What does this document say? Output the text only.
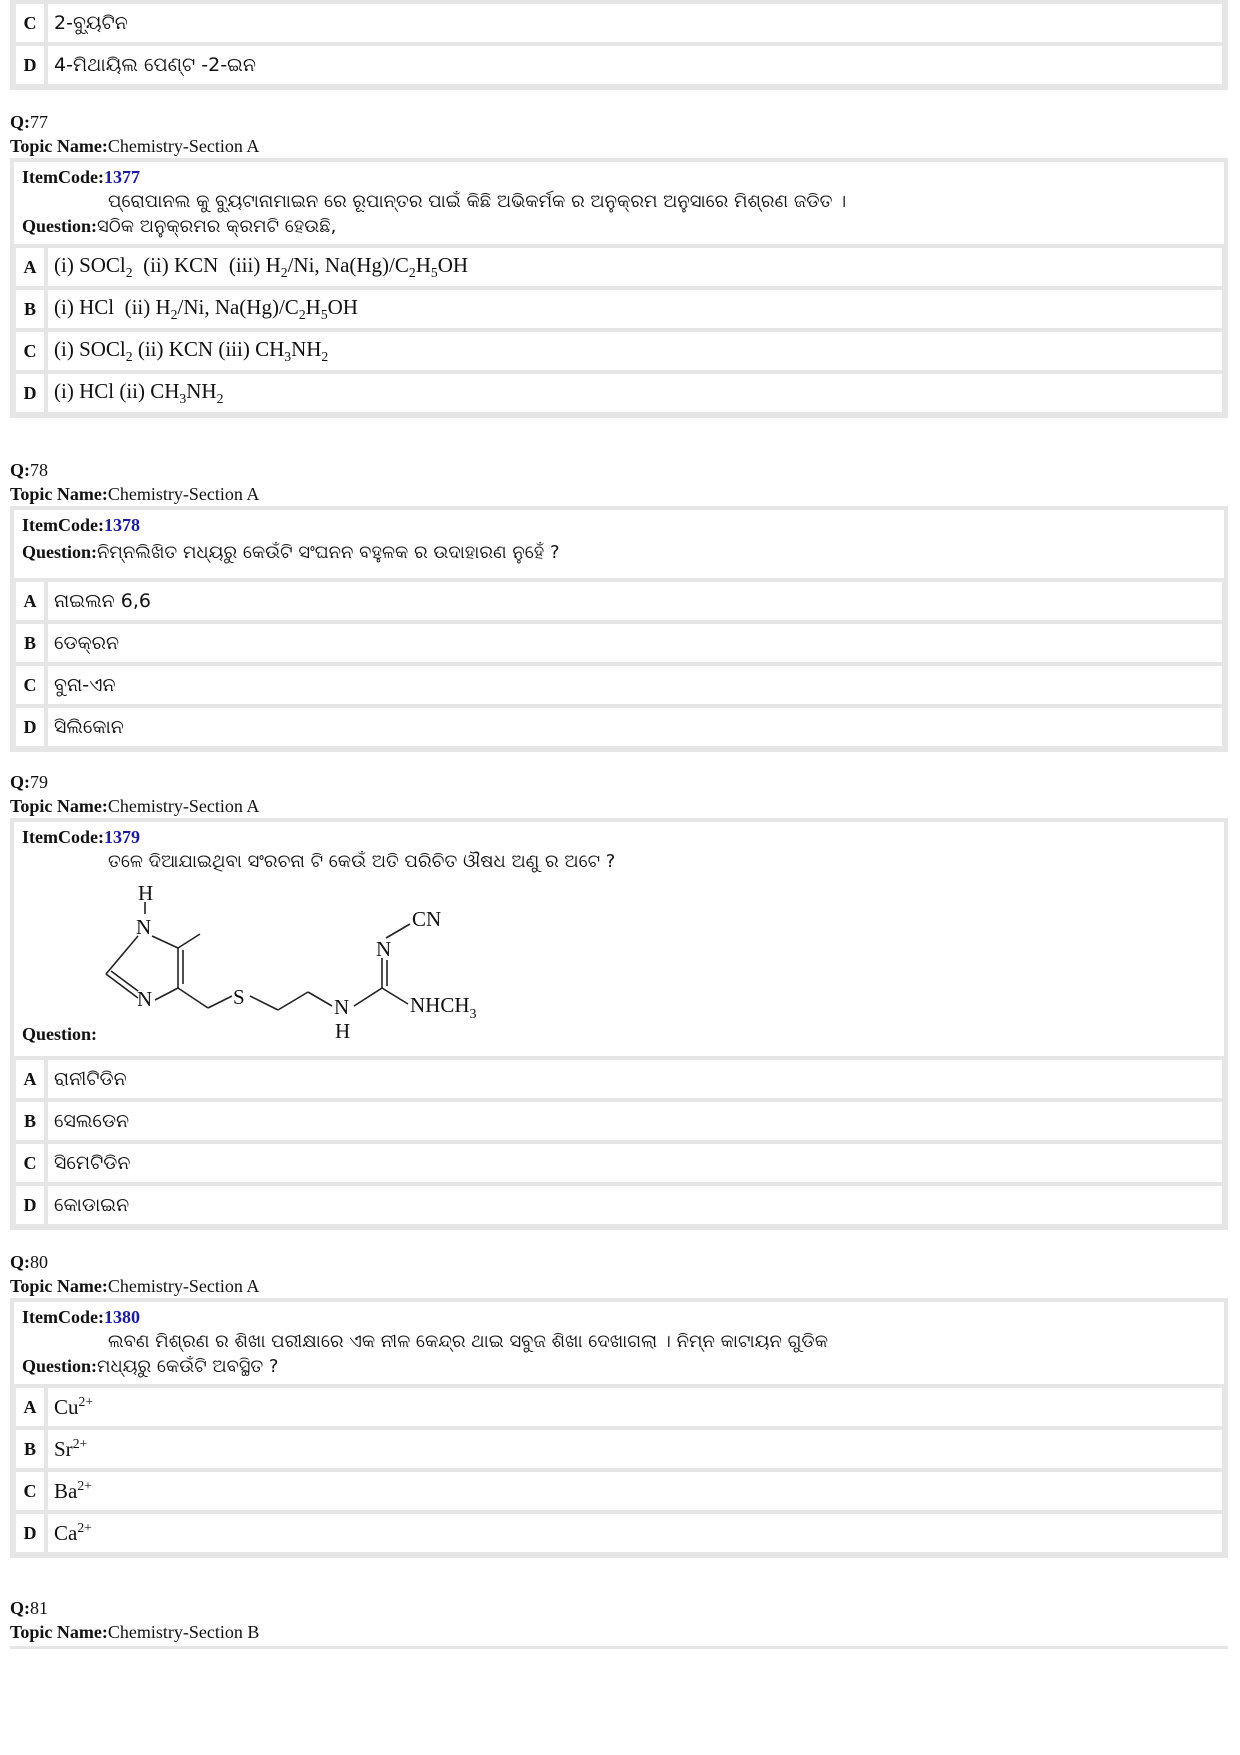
C	2-ବ୍ୟୁଟିନ
D	4-ମିଥାୟିଲ ପେଣ୍ଟ -2-ଇନ
Q:77
Topic Name:Chemistry-Section A
ItemCode:1377
ପ୍ରୋପାନଲ କୁ ବ୍ୟୁଟାନାମାଇନ ରେ ରୂପାନ୍ତର ପାଇଁ କିଛି ଅଭିକର୍ମକ ର ଅନୁକ୍ରମ ଅନୁସାରେ ମିଶ୍ରଣ ଜଡିତ ।
Question:ସଠିକ ଅନୁକ୍ରମର କ୍ରମଟି ହେଉଛି,
A	(i) SOCl$_2$  (ii) KCN  (iii) $H_2/Ni$, $Na(Hg)/C_2H_5OH$
B	(i) HCl  (ii) $H_2/Ni$, $Na(Hg)/C_2H_5OH$
C	(i) SOCl$_2$ (ii) KCN (iii) $CH_3NH_2$
D	(i) HCl (ii) $CH_3NH_2$
Q:78
Topic Name:Chemistry-Section A
ItemCode:1378
Question:ନିମ୍ନଲିଖିତ ମଧ୍ୟରୁ କେଉଁଟି ସଂଘନନ ବହୁଳକ ର ଉଦାହାରଣ ନୁହେଁ ?
A	ନାଇଲନ 6,6
B	ଡେକ୍ରନ
C	ବୁନା-ଏନ
D	ସିଲିକୋନ
Q:79
Topic Name:Chemistry-Section A
ItemCode:1379
ତଳେ ଦିଆଯାଇଥିବା ସଂରଚନା ଟି କେଉଁ ଅତି ପରିଚିତ ଔଷଧ ଅଣୁ ର ଅଟେ ?
H
N
N	S	N
H
N
CN
$NHCH_3$
Question:
A	ରାନୀଟିଡିନ
B	ସେଲଡେନ
C	ସିମେଟିଡିନ
D	କୋଡାଇନ
Q:80
Topic Name:Chemistry-Section A
ItemCode:1380
ଲବଣ ମିଶ୍ରଣ ର ଶିଖା ପରୀକ୍ଷାରେ ଏକ ନୀଳ କେନ୍ଦ୍ର ଥାଇ ସବୁଜ ଶିଖା ଦେଖାଗଲା । ନିମ୍ନ କାଟାୟନ ଗୁଡିକ
Question:ମଧ୍ୟରୁ କେଉଁଟି ଅବସ୍ଥିତ ?
A	$Cu^{2+}$
B	$Sr^{2+}$
C	$Ba^{2+}$
D	$Ca^{2+}$
Q:81
Topic Name:Chemistry-Section B
